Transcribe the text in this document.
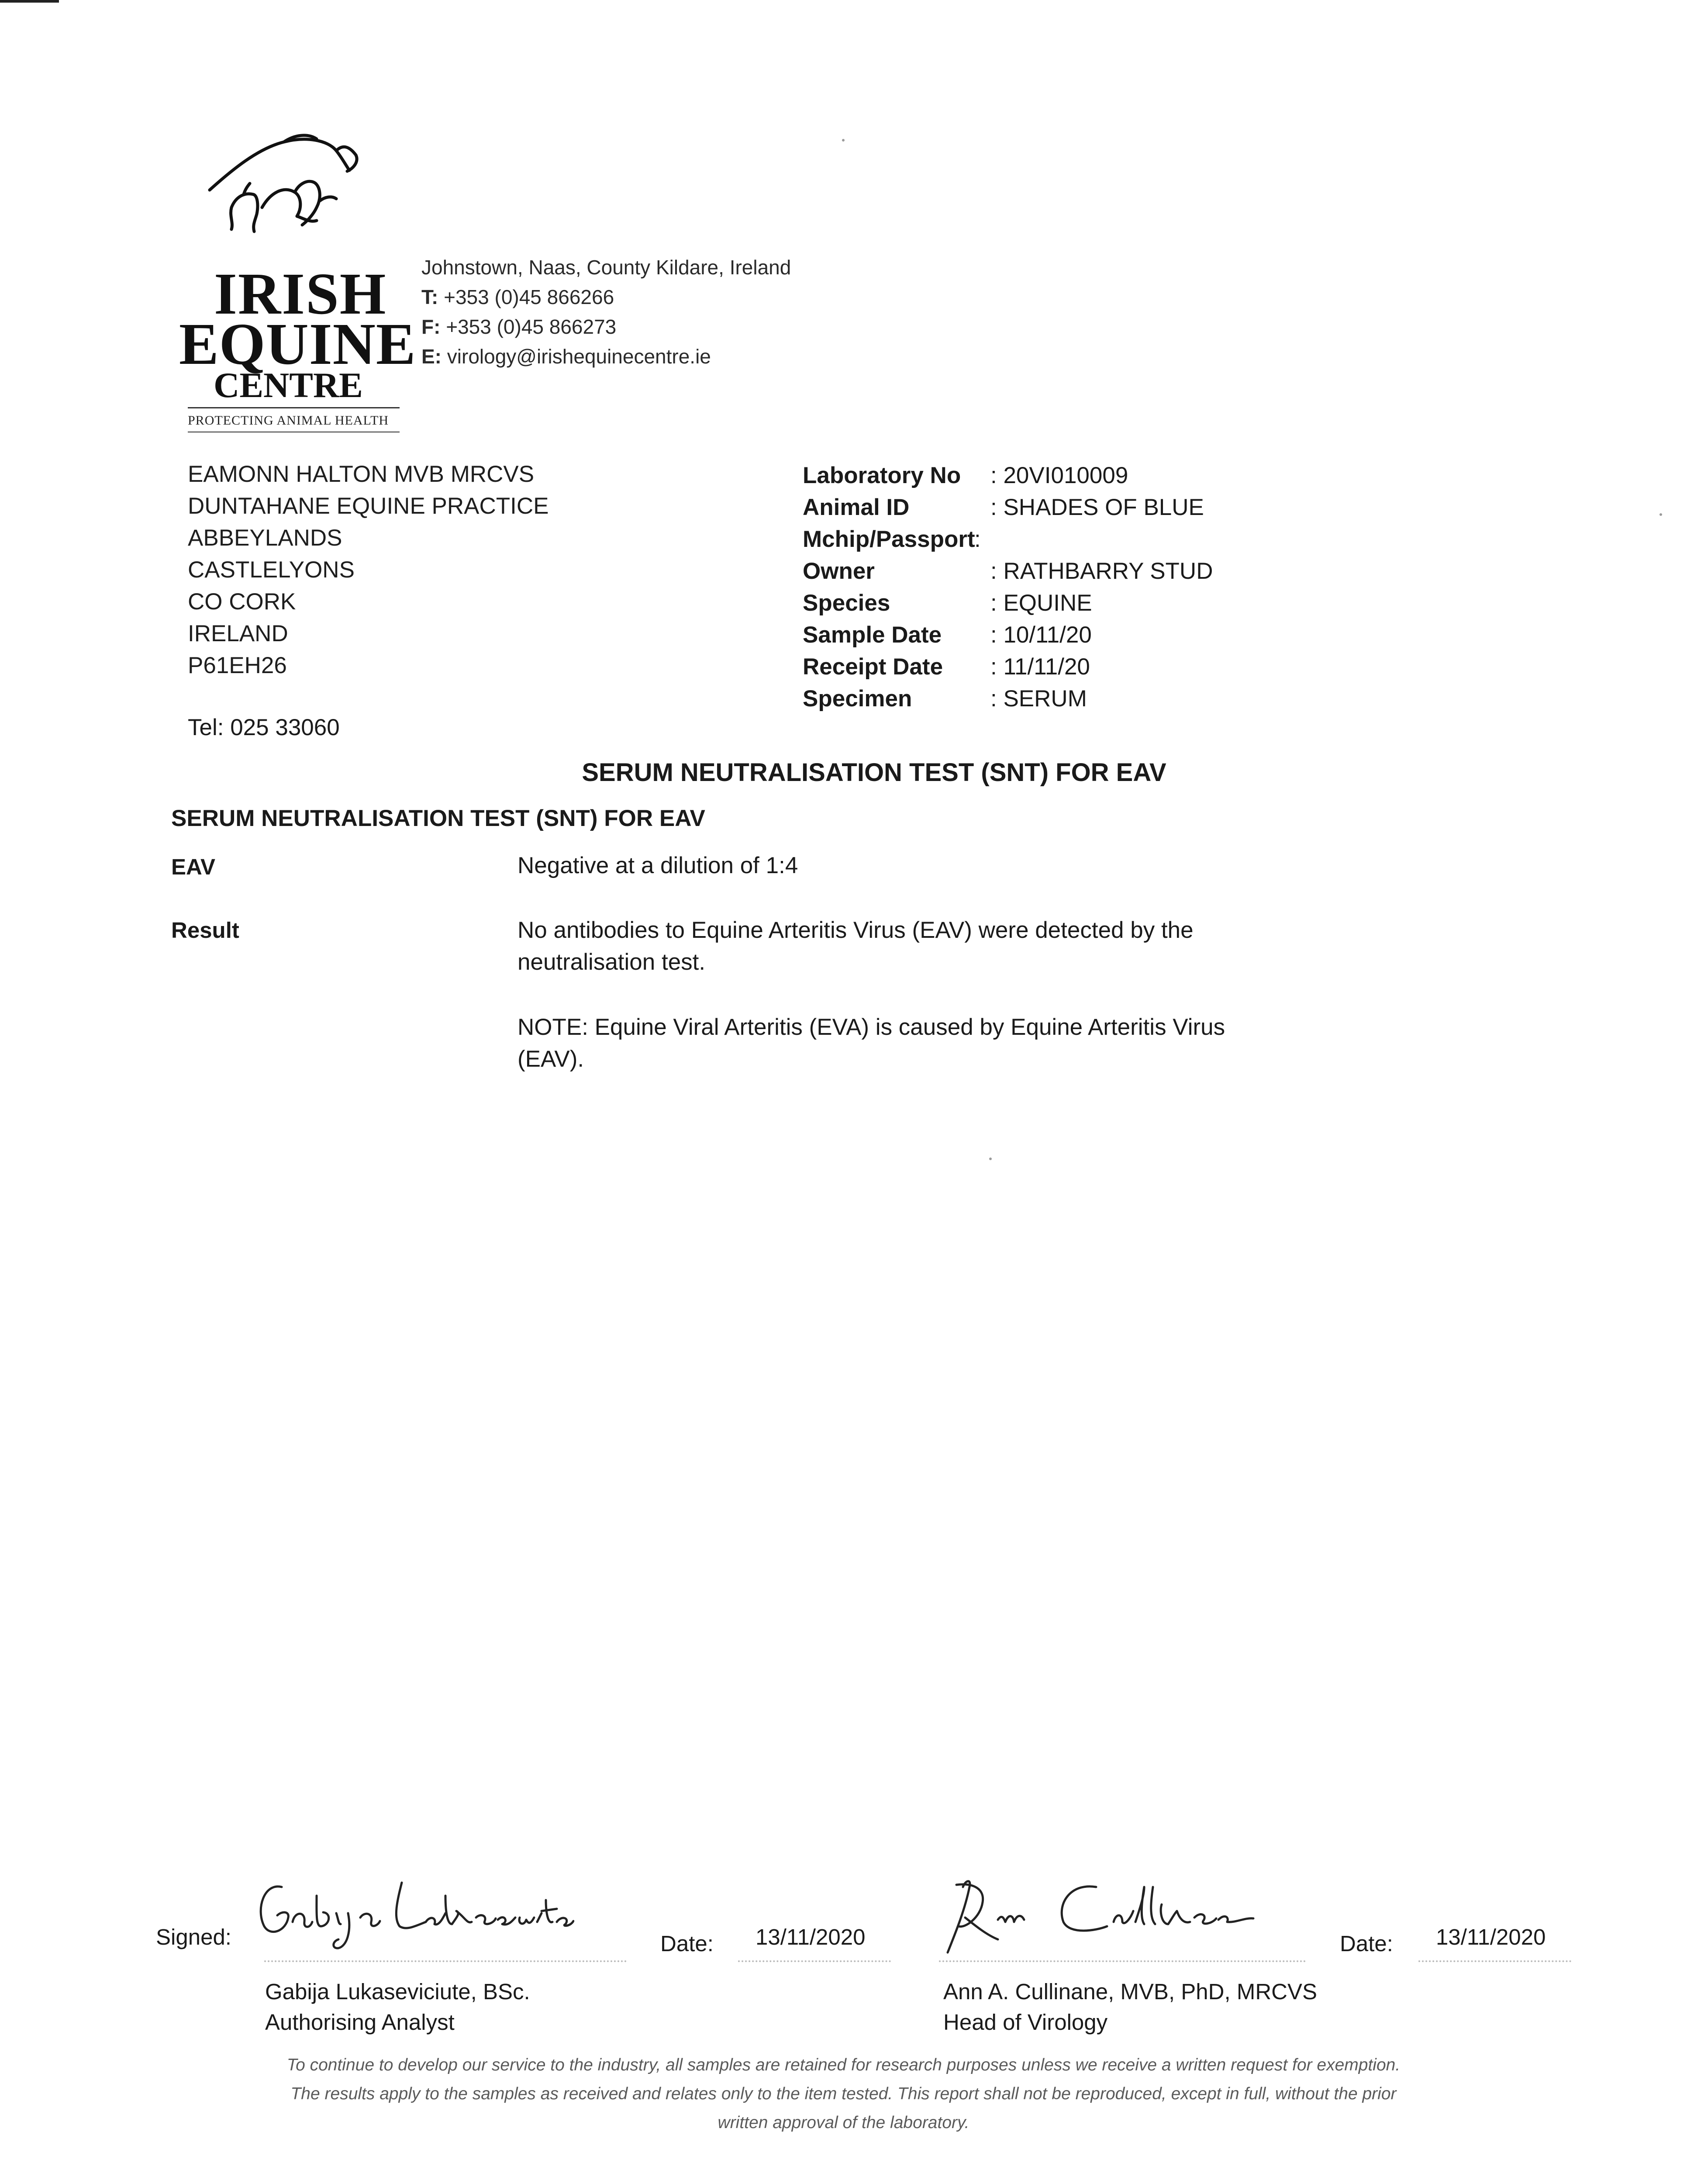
IRISH
EQUINE
CENTRE
PROTECTING ANIMAL HEALTH
Johnstown, Naas, County Kildare, Ireland
T: +353 (0)45 866266
F: +353 (0)45 866273
E: virology@irishequinecentre.ie
EAMONN HALTON MVB MRCVS
DUNTAHANE EQUINE PRACTICE
ABBEYLANDS
CASTLELYONS
CO CORK
IRELAND
P61EH26
Tel: 025 33060
Laboratory No : 20VI010009
Animal ID	: SHADES OF BLUE
Mchip/Passport
:
Owner	: RATHBARRY STUD
Species	: EQUINE
Sample Date : 10/11/20
Receipt Date : 11/11/20
Specimen	: SERUM
SERUM NEUTRALISATION TEST (SNT) FOR EAV
SERUM NEUTRALISATION TEST (SNT) FOR EAV
EAV	Negative at a dilution of 1:4
Result	No antibodies to Equine Arteritis Virus (EAV) were detected by the neutralisation test.
NOTE: Equine Viral Arteritis (EVA) is caused by Equine Arteritis Virus (EAV).
Signed:
Gabija Lukaseviciute, BSc.
Authorising Analyst
Date: 13/11/2020
Ann A. Cullinane, MVB, PhD, MRCVS
Head of Virology
Date: 13/11/2020
To continue to develop our service to the industry, all samples are retained for research purposes unless we receive a written request for exemption.
The results apply to the samples as received and relates only to the item tested. This report shall not be reproduced, except in full, without the prior
written approval of the laboratory.
